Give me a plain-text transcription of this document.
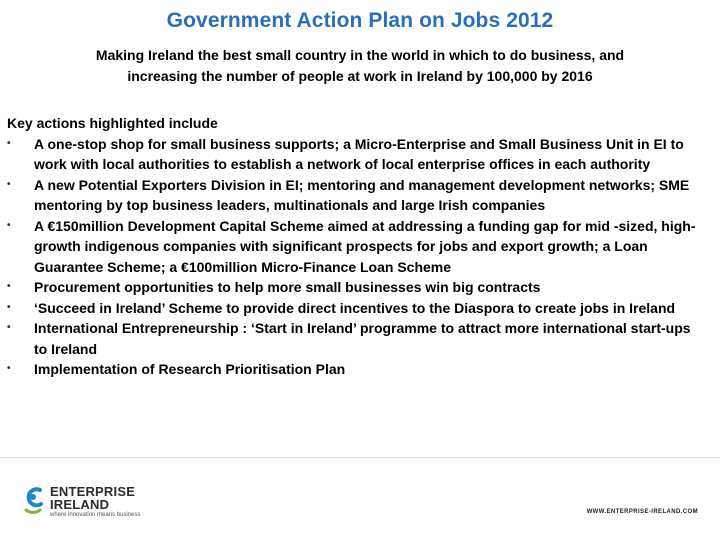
Government Action Plan on Jobs 2012
Making Ireland the best small country in the world in which to do business, and
increasing the number of people at work in Ireland by 100,000 by 2016

Key actions highlighted include

• A one-stop shop for small business supports; a Micro-Enterprise and Small Business Unit in EI to work with local authorities to establish a network of local enterprise offices in each authority
• A new Potential Exporters Division in EI; mentoring and management development networks; SME mentoring by top business leaders, multinationals and large Irish companies
• A €150million Development Capital Scheme aimed at addressing a funding gap for mid -sized, high-growth indigenous companies with significant prospects for jobs and export growth; a Loan Guarantee Scheme; a €100million Micro-Finance Loan Scheme
• Procurement opportunities to help more small businesses win big contracts
• ‘Succeed in Ireland’ Scheme to provide direct incentives to the Diaspora to create jobs in Ireland
• International Entrepreneurship : ‘Start in Ireland’ programme to attract more international start-ups to Ireland
• Implementation of Research Prioritisation Plan
ENTERPRISE
IRELAND
where innovation means business	WWW.ENTERPRISE-IRELAND.COM
